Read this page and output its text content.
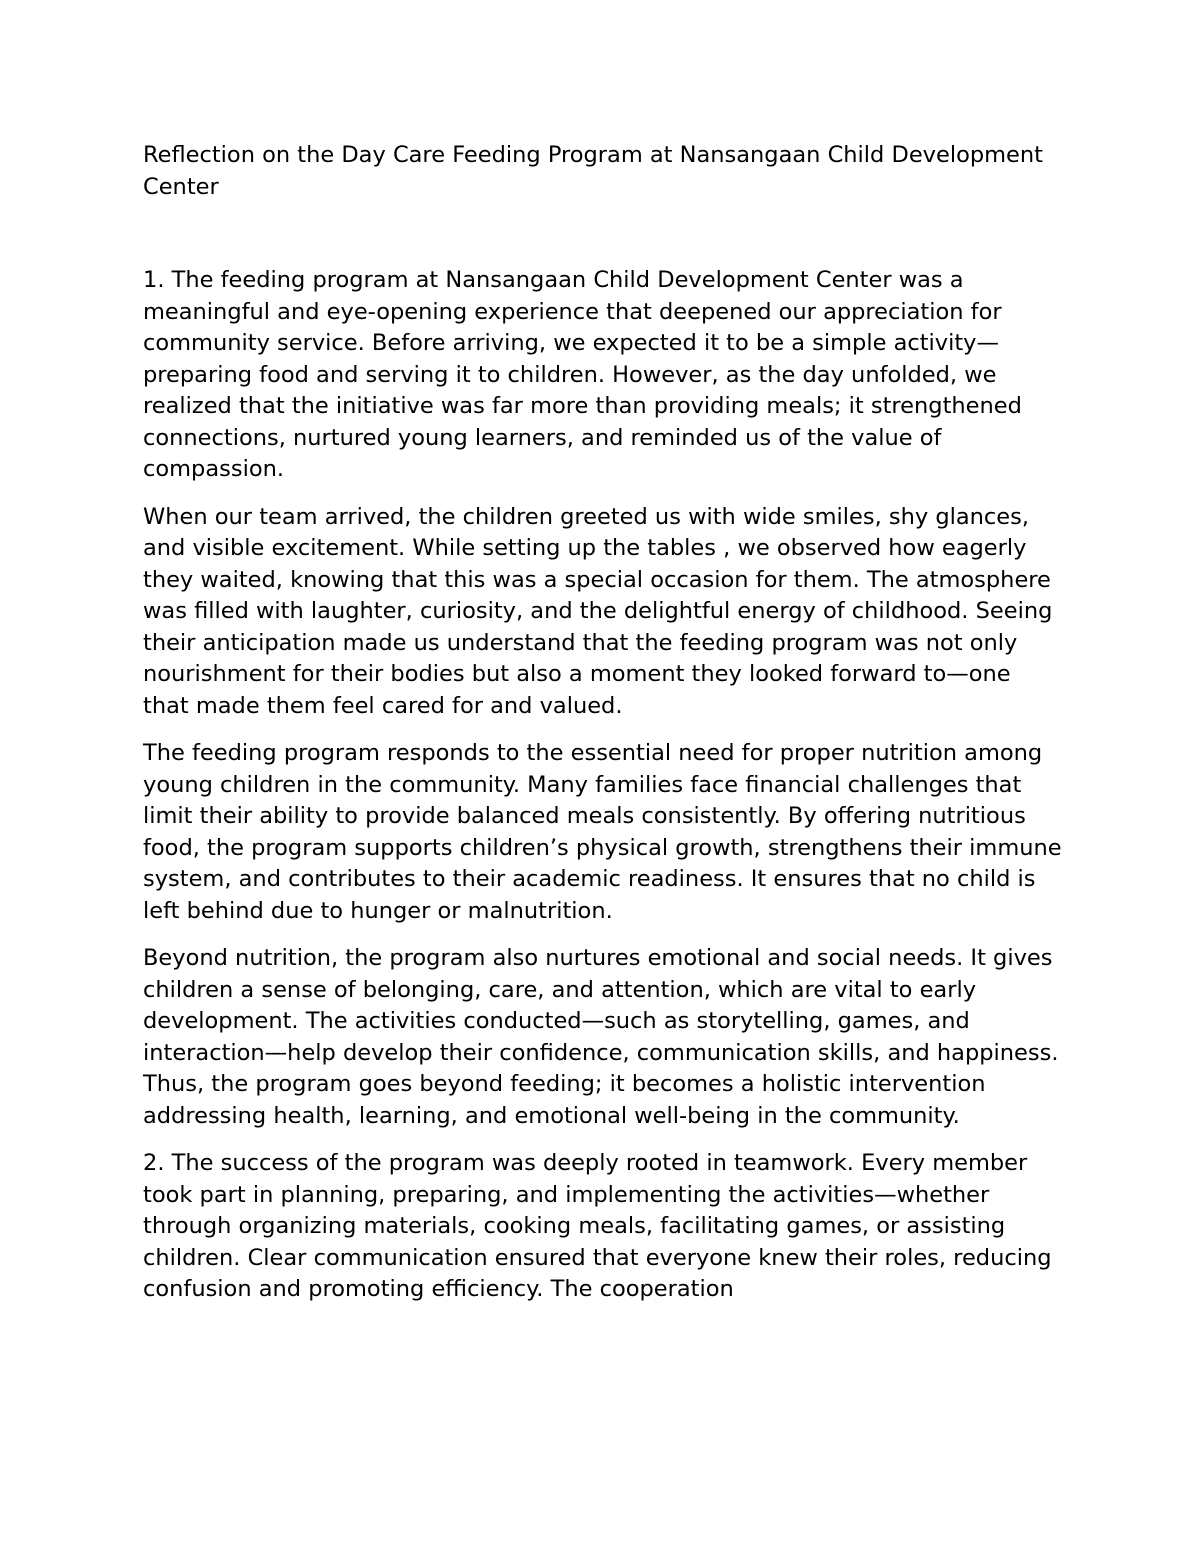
Reflection on the Day Care Feeding Program at Nansangaan Child Development Center

1. The feeding program at Nansangaan Child Development Center was a meaningful and eye-opening experience that deepened our appreciation for community service. Before arriving, we expected it to be a simple activity—preparing food and serving it to children. However, as the day unfolded, we realized that the initiative was far more than providing meals; it strengthened connections, nurtured young learners, and reminded us of the value of compassion.

When our team arrived, the children greeted us with wide smiles, shy glances, and visible excitement. While setting up the tables , we observed how eagerly they waited, knowing that this was a special occasion for them. The atmosphere was filled with laughter, curiosity, and the delightful energy of childhood. Seeing their anticipation made us understand that the feeding program was not only nourishment for their bodies but also a moment they looked forward to—one that made them feel cared for and valued.

The feeding program responds to the essential need for proper nutrition among young children in the community. Many families face financial challenges that limit their ability to provide balanced meals consistently. By offering nutritious food, the program supports children’s physical growth, strengthens their immune system, and contributes to their academic readiness. It ensures that no child is left behind due to hunger or malnutrition.

Beyond nutrition, the program also nurtures emotional and social needs. It gives children a sense of belonging, care, and attention, which are vital to early development. The activities conducted—such as storytelling, games, and interaction—help develop their confidence, communication skills, and happiness. Thus, the program goes beyond feeding; it becomes a holistic intervention addressing health, learning, and emotional well-being in the community.

2. The success of the program was deeply rooted in teamwork. Every member took part in planning, preparing, and implementing the activities—whether through organizing materials, cooking meals, facilitating games, or assisting children. Clear communication ensured that everyone knew their roles, reducing confusion and promoting efficiency. The cooperation
